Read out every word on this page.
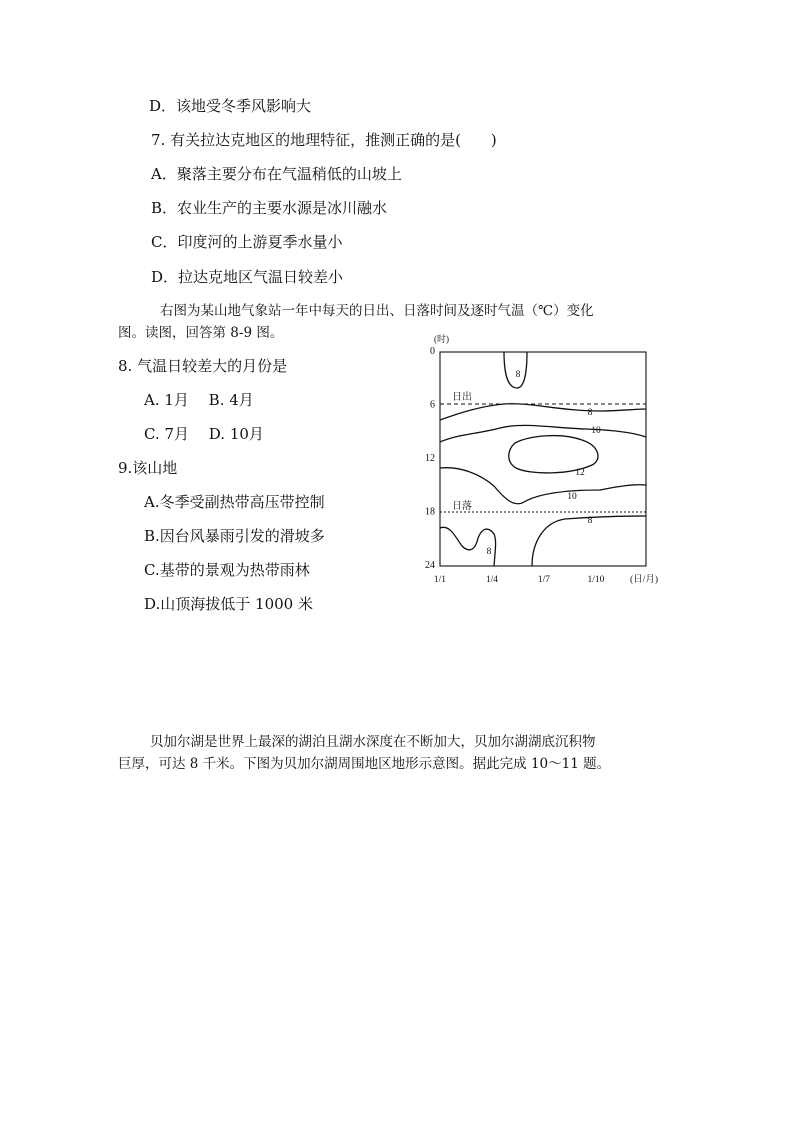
D．该地受冬季风影响大
7. 有关拉达克地区的地理特征，推测正确的是(　　)
A．聚落主要分布在气温稍低的山坡上
B．农业生产的主要水源是冰川融水
C．印度河的上游夏季水量小
D．拉达克地区气温日较差小
右图为某山地气象站一年中每天的日出、日落时间及逐时气温（℃）变化
图。读图，回答第 8-9 图。
8. 气温日较差大的月份是
A. 1月　 B. 4月
C. 7月　 D. 10月
9.该山地
A.冬季受副热带高压带控制
B.因台风暴雨引发的滑坡多
C.基带的景观为热带雨林
D.山顶海拔低于 1000 米
贝加尔湖是世界上最深的湖泊且湖水深度在不断加大，贝加尔湖湖底沉积物
巨厚，可达 8 千米。下图为贝加尔湖周围地区地形示意图。据此完成 10～11 题。
(时)
0
6
12
18
24
1/1	1/4	1/7	1/10	(日/月)
日出
日落
8
8
10
12
10
8
8
